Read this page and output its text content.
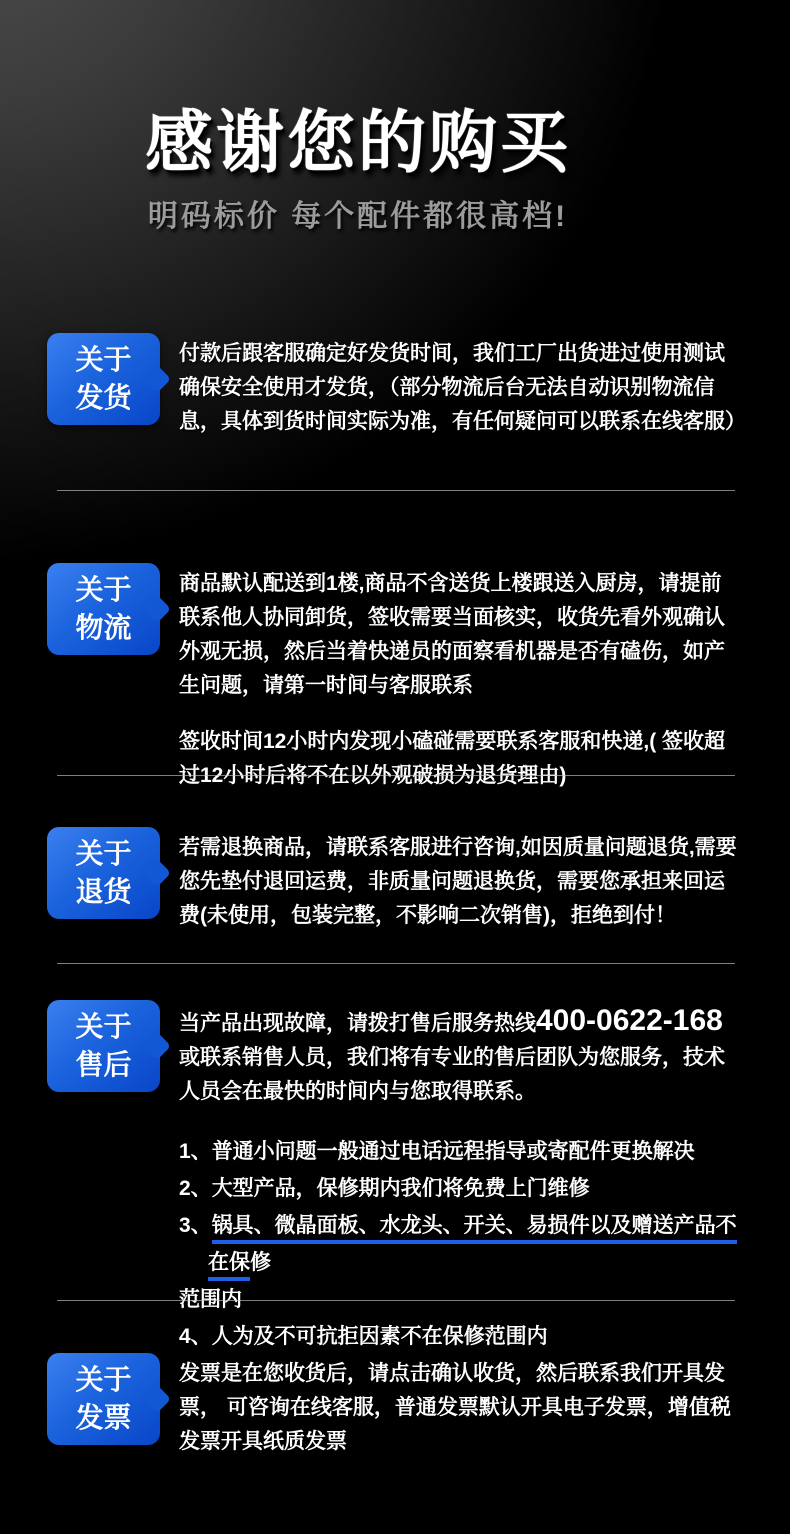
感谢您的购买
明码标价 每个配件都很高档!
关于
发货

付款后跟客服确定好发货时间，我们工厂出货进过使用测试确保安全使用才发货，（部分物流后台无法自动识别物流信息，具体到货时间实际为准，有任何疑问可以联系在线客服）

关于
物流

商品默认配送到1楼,商品不含送货上楼跟送入厨房，请提前联系他人协同卸货，签收需要当面核实，收货先看外观确认外观无损，然后当着快递员的面察看机器是否有磕伤，如产生问题，请第一时间与客服联系

签收时间12小时内发现小磕碰需要联系客服和快递,( 签收超过12小时后将不在以外观破损为退货理由)

关于
退货

若需退换商品，请联系客服进行咨询,如因质量问题退货,需要您先垫付退回运费，非质量问题退换货，需要您承担来回运费(未使用，包装完整，不影响二次销售)，拒绝到付！

关于
售后

当产品出现故障，请拨打售后服务热线400-0622-168或联系销售人员，我们将有专业的售后团队为您服务，技术人员会在最快的时间内与您取得联系。

1、普通小问题一般通过电话远程指导或寄配件更换解决
2、大型产品，保修期内我们将免费上门维修
3、锅具、微晶面板、水龙头、开关、易损件以及赠送产品不在保修
范围内
4、人为及不可抗拒因素不在保修范围内
关于
发票

发票是在您收货后，请点击确认收货，然后联系我们开具发票， 可咨询在线客服，普通发票默认开具电子发票，增值税发票开具纸质发票
